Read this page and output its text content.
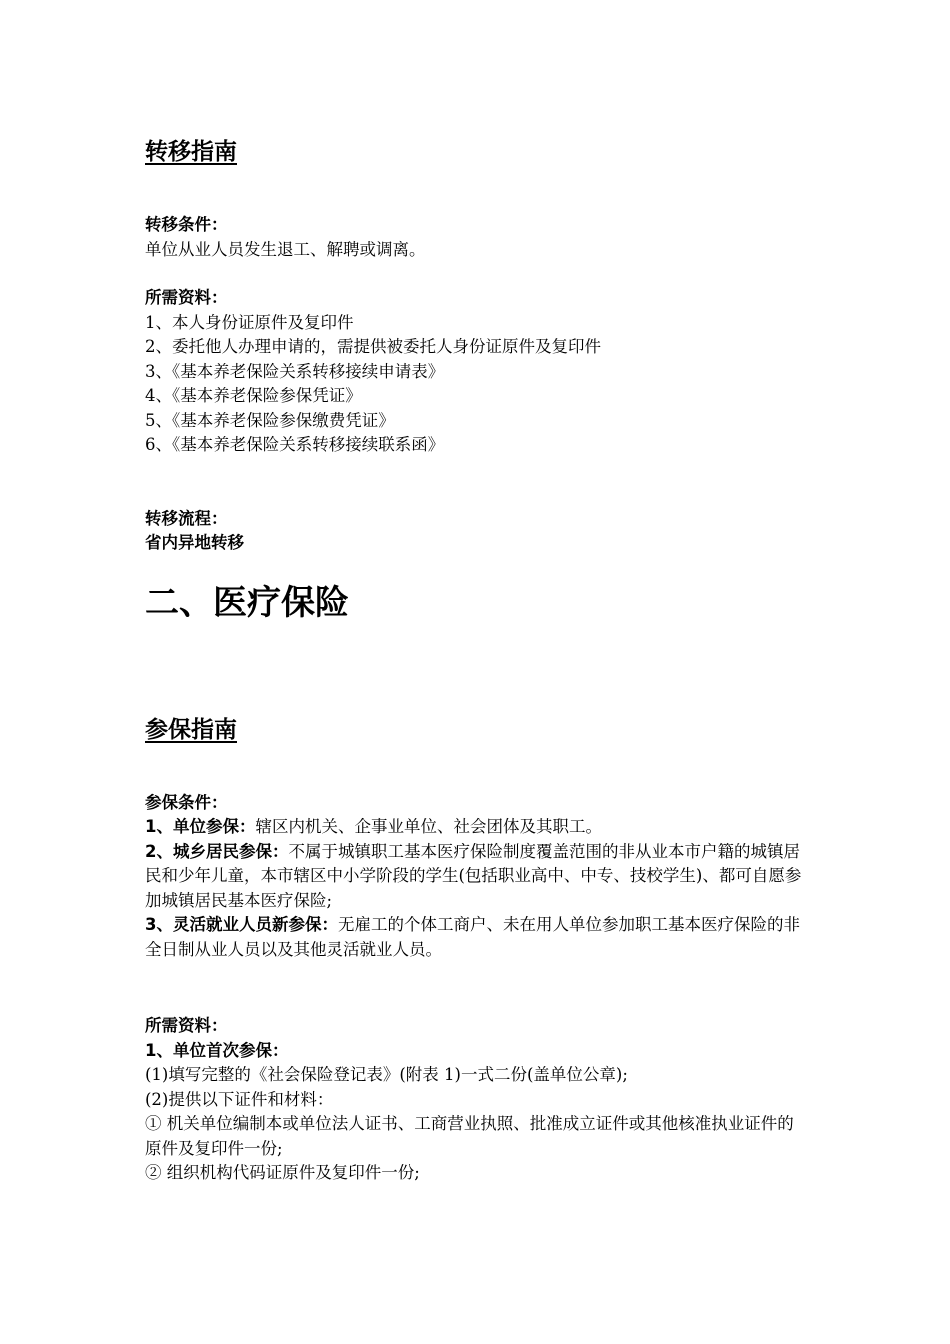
转移指南
转移条件：
单位从业人员发生退工、解聘或调离。
所需资料：
1、本人身份证原件及复印件
2、委托他人办理申请的，需提供被委托人身份证原件及复印件
3、《基本养老保险关系转移接续申请表》
4、《基本养老保险参保凭证》
5、《基本养老保险参保缴费凭证》
6、《基本养老保险关系转移接续联系函》
转移流程：
省内异地转移
二、医疗保险
参保指南
参保条件：
1、单位参保：辖区内机关、企事业单位、社会团体及其职工。
2、城乡居民参保：不属于城镇职工基本医疗保险制度覆盖范围的非从业本市户籍的城镇居民和少年儿童，本市辖区中小学阶段的学生(包括职业高中、中专、技校学生)、都可自愿参加城镇居民基本医疗保险;
3、灵活就业人员新参保：无雇工的个体工商户、未在用人单位参加职工基本医疗保险的非全日制从业人员以及其他灵活就业人员。
所需资料：
1、单位首次参保：
(1)填写完整的《社会保险登记表》(附表 1)一式二份(盖单位公章);
(2)提供以下证件和材料：
① 机关单位编制本或单位法人证书、工商营业执照、批准成立证件或其他核准执业证件的原件及复印件一份;
② 组织机构代码证原件及复印件一份;
